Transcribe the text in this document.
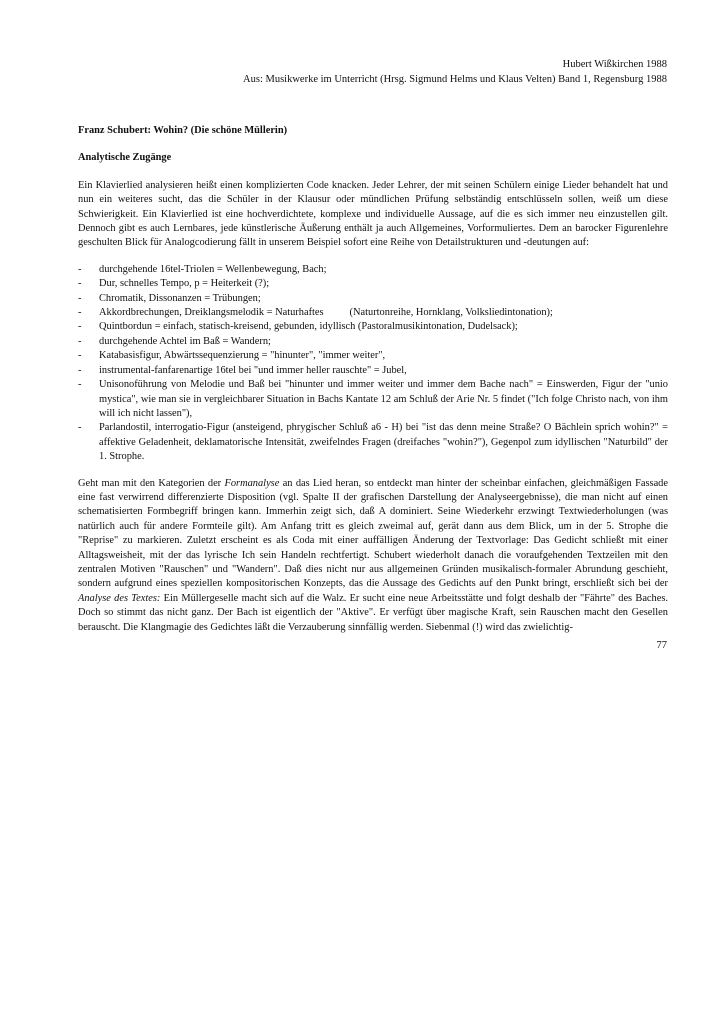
Hubert Wißkirchen 1988
Aus: Musikwerke im Unterricht (Hrsg. Sigmund Helms und Klaus Velten) Band 1, Regensburg 1988
Franz Schubert: Wohin? (Die schöne Müllerin)
Analytische Zugänge

Ein Klavierlied analysieren heißt einen komplizierten Code knacken. Jeder Lehrer, der mit seinen Schülern einige Lieder behandelt hat und nun ein weiteres sucht, das die Schüler in der Klausur oder mündlichen Prüfung selbständig entschlüsseln sollen, weiß um diese Schwierigkeit. Ein Klavierlied ist eine hochverdichtete, komplexe und individuelle Aussage, auf die es sich immer neu einzustellen gilt. Dennoch gibt es auch Lernbares, jede künstlerische Äußerung enthält ja auch Allgemeines, Vorformuliertes. Dem an barocker Figurenlehre geschulten Blick für Analogcodierung fällt in unserem Beispiel sofort eine Reihe von Detailstrukturen und -deutungen auf:

- durchgehende 16tel-Triolen = Wellenbewegung, Bach;
- Dur, schnelles Tempo, p = Heiterkeit (?);
- Chromatik, Dissonanzen = Trübungen;
- Akkordbrechungen, Dreiklangsmelodik = Naturhaftes          (Naturtonreihe, Hornklang, Volksliedintonation);
- Quintbordun = einfach, statisch-kreisend, gebunden, idyllisch (Pastoralmusikintonation, Dudelsack);
- durchgehende Achtel im Baß = Wandern;
- Katabasisfigur, Abwärtssequenzierung = "hinunter", "immer weiter",
- instrumental-fanfarenartige 16tel bei "und immer heller rauschte" = Jubel,
- Unisonoführung von Melodie und Baß bei "hinunter und immer weiter und immer dem Bache nach" = Einswerden, Figur der "unio mystica", wie man sie in vergleichbarer Situation in Bachs Kantate 12 am Schluß der Arie Nr. 5 findet ("Ich folge Christo nach, von ihm will ich nicht lassen"),
- Parlandostil, interrogatio-Figur (ansteigend, phrygischer Schluß a6 - H) bei "ist das denn meine Straße? O Bächlein sprich wohin?" = affektive Geladenheit, deklamatorische Intensität, zweifelndes Fragen (dreifaches "wohin?"), Gegenpol zum idyllischen "Naturbild" der 1. Strophe.

Geht man mit den Kategorien der Formanalyse an das Lied heran, so entdeckt man hinter der scheinbar einfachen, gleichmäßigen Fassade eine fast verwirrend differenzierte Disposition (vgl. Spalte II der grafischen Darstellung der Analyseergebnisse), die man nicht auf einen schematisierten Formbegriff bringen kann. Immerhin zeigt sich, daß A dominiert. Seine Wiederkehr erzwingt Textwiederholungen (was natürlich auch für andere Formteile gilt). Am Anfang tritt es gleich zweimal auf, gerät dann aus dem Blick, um in der 5. Strophe die "Reprise" zu markieren. Zuletzt erscheint es als Coda mit einer auffälligen Änderung der Textvorlage: Das Gedicht schließt mit einer Alltagsweisheit, mit der das lyrische Ich sein Handeln rechtfertigt. Schubert wiederholt danach die voraufgehenden Textzeilen mit den zentralen Motiven "Rauschen" und "Wandern". Daß dies nicht nur aus allgemeinen Gründen musikalisch-formaler Abrundung geschieht, sondern aufgrund eines speziellen kompositorischen Konzepts, das die Aussage des Gedichts auf den Punkt bringt, erschließt sich bei der Analyse des Textes: Ein Müllergeselle macht sich auf die Walz. Er sucht eine neue Arbeitsstätte und folgt deshalb der "Fährte" des Baches. Doch so stimmt das nicht ganz. Der Bach ist eigentlich der "Aktive". Er verfügt über magische Kraft, sein Rauschen macht den Gesellen berauscht. Die Klangmagie des Gedichtes läßt die Verzauberung sinnfällig werden. Siebenmal (!) wird das zwielichtig-

77
